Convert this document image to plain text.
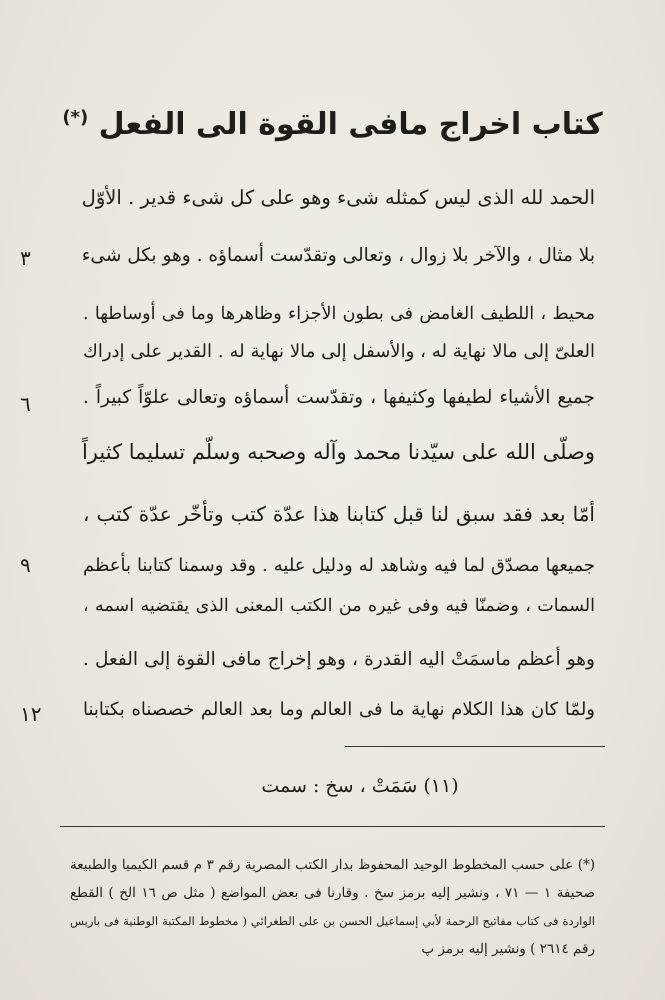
كتاب اخراج مافى القوة الى الفعل (*)
الحمد لله الذى ليس كمثله شىء وهو على كل شىء قدير . الأوّل
بلا مثال ، والآخر بلا زوال ، وتعالى وتقدّست أسماؤه . وهو بكل شىء
محيط ، اللطيف الغامض فى بطون الأجزاء وظاهرها وما فى أوساطها .
العلىّ إلى مالا نهاية له ، والأسفل إلى مالا نهاية له . القدير على إدراك
جميع الأشياء لطيفها وكثيفها ، وتقدّست أسماؤه وتعالى علوّاً كبيراً .
وصلّى الله على سيّدنا محمد وآله وصحبه وسلّم تسليما كثيراً
أمّا بعد فقد سبق لنا قبل كتابنا هذا عدّة كتب وتأخّر عدّة كتب ،
جميعها مصدّق لما فيه وشاهد له ودليل عليه . وقد وسمنا كتابنا بأعظم
السمات ، وضمنّا فيه وفى غيره من الكتب المعنى الذى يقتضيه اسمه ،
وهو أعظم ماسمَتْ اليه القدرة ، وهو إخراج مافى القوة إلى الفعل .
ولمّا كان هذا الكلام نهاية ما فى العالم وما بعد العالم خصصناه بكتابنا
٣
٦
٩
١٢
(١١) سَمَتْ ، سخ : سمت
(*) على حسب المخطوط الوحيد المحفوظ بدار الكتب المصرية رقم ٣ م قسم الكيميا والطبيعة
صحيفة ١ — ٧١ ، ونشير إليه برمز سخ . وقارنا فى بعض المواضع ( مثل ص ١٦ الخ ) القطع
الواردة فى كتاب مفاتيح الرحمة لأبي إسماعيل الحسن بن على الطغرائي ( مخطوط المكتبة الوطنية فى باريس
رقم ٢٦١٤ ) ونشير إليه برمز پ
